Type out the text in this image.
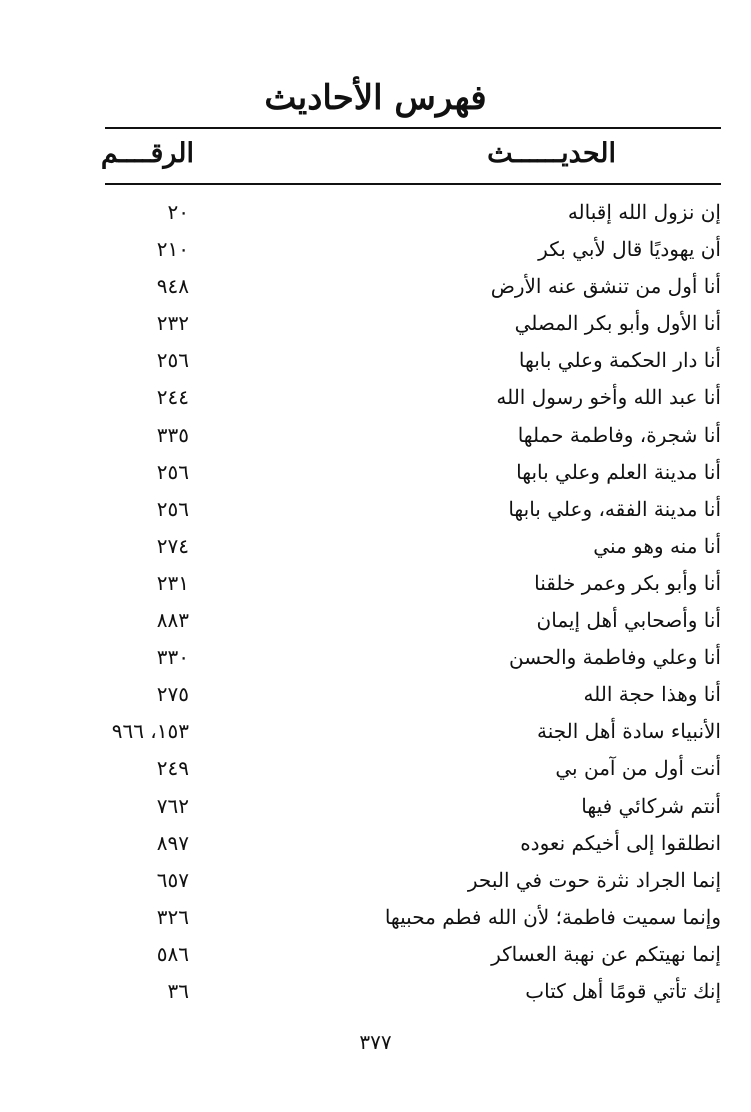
فهرس الأحاديث
الحديــــــث
الرقــــم
إن نزول الله إقباله
٢٠
أن يهوديًا قال لأبي بكر
٢١٠
أنا أول من تنشق عنه الأرض
٩٤٨
أنا الأول وأبو بكر المصلي
٢٣٢
أنا دار الحكمة وعلي بابها
٢٥٦
أنا عبد الله وأخو رسول الله
٢٤٤
أنا شجرة، وفاطمة حملها
٣٣٥
أنا مدينة العلم وعلي بابها
٢٥٦
أنا مدينة الفقه، وعلي بابها
٢٥٦
أنا منه وهو مني
٢٧٤
أنا وأبو بكر وعمر خلقنا
٢٣١
أنا وأصحابي أهل إيمان
٨٨٣
أنا وعلي وفاطمة والحسن
٣٣٠
أنا وهذا حجة الله
٢٧٥
الأنبياء سادة أهل الجنة
١٥٣، ٩٦٦
أنت أول من آمن بي
٢٤٩
أنتم شركائي فيها
٧٦٢
انطلقوا إلى أخيكم نعوده
٨٩٧
إنما الجراد نثرة حوت في البحر
٦٥٧
وإنما سميت فاطمة؛ لأن الله فطم محبيها
٣٢٦
إنما نهيتكم عن نهبة العساكر
٥٨٦
إنك تأتي قومًا أهل كتاب
٣٦
٣٧٧
